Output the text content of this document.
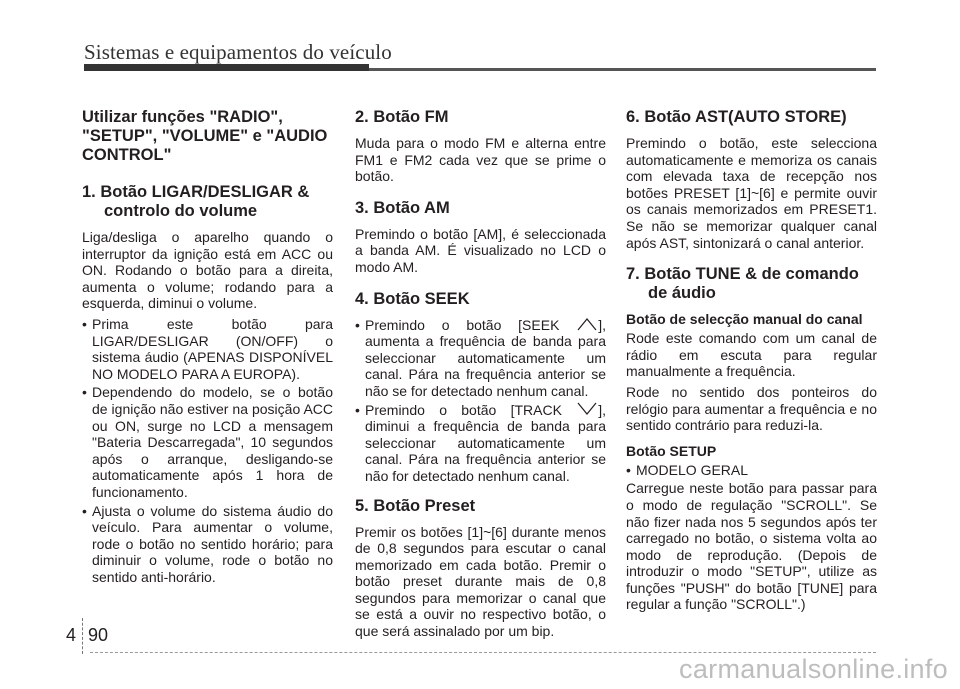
Sistemas e equipamentos do veículo
Utilizar funções "RADIO", "SETUP", "VOLUME" e "AUDIO CONTROL"
1. Botão LIGAR/DESLIGAR & controlo do volume

Liga/desliga o aparelho quando o interruptor da ignição está em ACC ou ON. Rodando o botão para a direita, aumenta o volume; rodando para a esquerda, diminui o volume.

• Prima este botão para LIGAR/DESLIGAR (ON/OFF) o sistema áudio (APENAS DISPONÍVEL NO MODELO PARA A EUROPA).
• Dependendo do modelo, se o botão de ignição não estiver na posição ACC ou ON, surge no LCD a mensagem "Bateria Descarregada", 10 segundos após o arranque, desligando-se automaticamente após 1 hora de funcionamento.
• Ajusta o volume do sistema áudio do veículo. Para aumentar o volume, rode o botão no sentido horário; para diminuir o volume, rode o botão no sentido anti-horário.
2. Botão FM

Muda para o modo FM e alterna entre FM1 e FM2 cada vez que se prime o botão.

3. Botão AM

Premindo o botão [AM], é seleccionada a banda AM. É visualizado no LCD o modo AM.

4. Botão SEEK
• Premindo o botão [SEEK ], aumenta a frequência de banda para seleccionar automaticamente um canal. Pára na frequência anterior se não se for detectado nenhum canal.
• Premindo o botão [TRACK ], diminui a frequência de banda para seleccionar automaticamente um canal. Pára na frequência anterior se não for detectado nenhum canal.
5. Botão Preset

Premir os botões [1]~[6] durante menos de 0,8 segundos para escutar o canal memorizado em cada botão. Premir o botão preset durante mais de 0,8 segundos para memorizar o canal que se está a ouvir no respectivo botão, o que será assinalado por um bip.

6. Botão AST(AUTO STORE)

Premindo o botão, este selecciona automaticamente e memoriza os canais com elevada taxa de recepção nos botões PRESET [1]~[6] e permite ouvir os canais memorizados em PRESET1. Se não se memorizar qualquer canal após AST, sintonizará o canal anterior.

7. Botão TUNE & de comando de áudio
Botão de selecção manual do canal

Rode este comando com um canal de rádio em escuta para regular manualmente a frequência.

Rode no sentido dos ponteiros do relógio para aumentar a frequência e no sentido contrário para reduzi-la.

Botão SETUP
• MODELO GERAL

Carregue neste botão para passar para o modo de regulação "SCROLL". Se não fizer nada nos 5 segundos após ter carregado no botão, o sistema volta ao modo de reprodução. (Depois de introduzir o modo "SETUP", utilize as funções "PUSH" do botão [TUNE] para regular a função "SCROLL".)

4 90
carmanualsonline.info
